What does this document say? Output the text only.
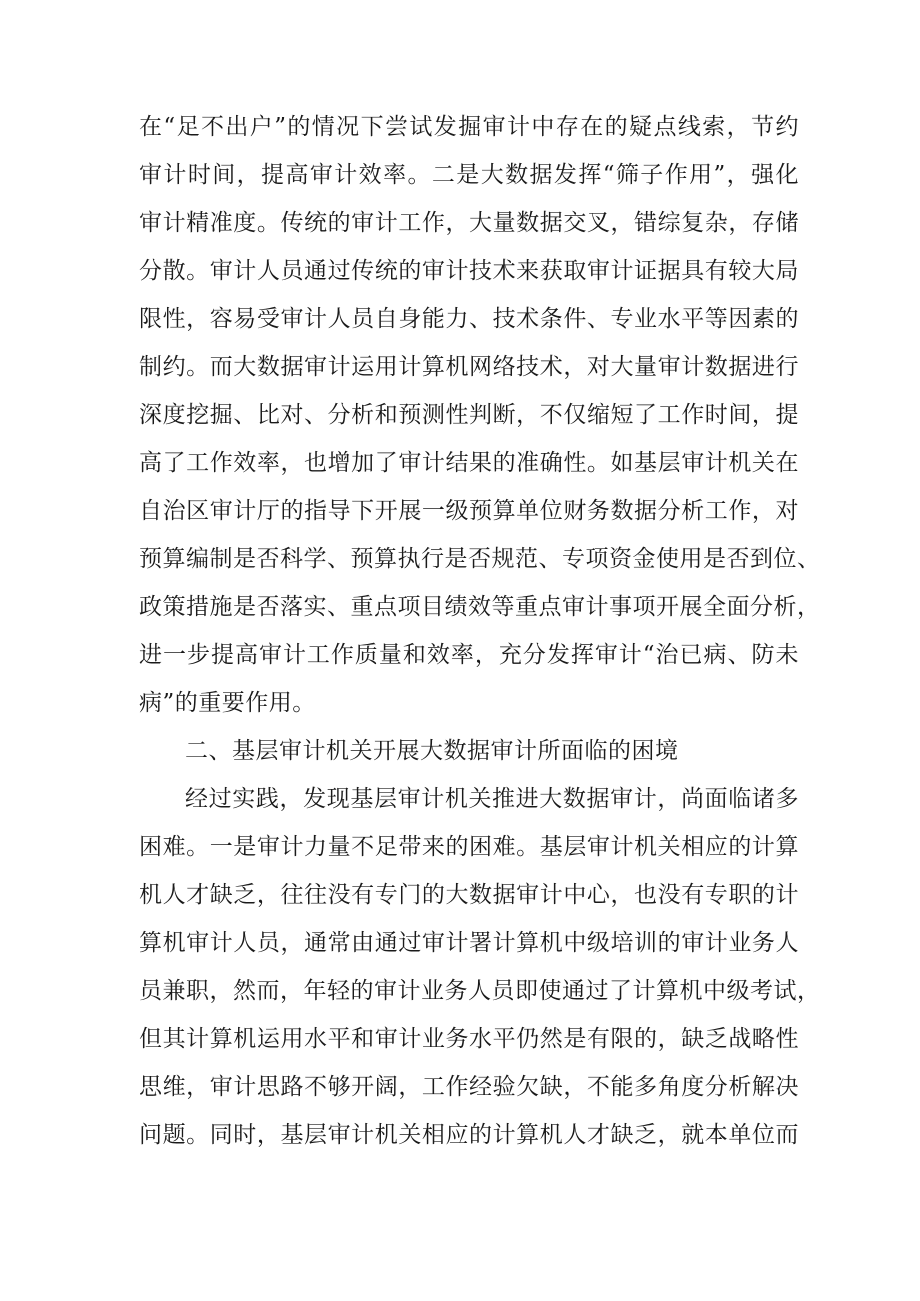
在“足不出户”的情况下尝试发掘审计中存在的疑点线索，节约
审计时间，提高审计效率。二是大数据发挥“筛子作用”，强化
审计精准度。传统的审计工作，大量数据交叉，错综复杂，存储
分散。审计人员通过传统的审计技术来获取审计证据具有较大局
限性，容易受审计人员自身能力、技术条件、专业水平等因素的
制约。而大数据审计运用计算机网络技术，对大量审计数据进行
深度挖掘、比对、分析和预测性判断，不仅缩短了工作时间，提
高了工作效率，也增加了审计结果的准确性。如基层审计机关在
自治区审计厅的指导下开展一级预算单位财务数据分析工作，对
预算编制是否科学、预算执行是否规范、专项资金使用是否到位、
政策措施是否落实、重点项目绩效等重点审计事项开展全面分析，
进一步提高审计工作质量和效率，充分发挥审计“治已病、防未
病”的重要作用。
二、基层审计机关开展大数据审计所面临的困境
经过实践，发现基层审计机关推进大数据审计，尚面临诸多
困难。一是审计力量不足带来的困难。基层审计机关相应的计算
机人才缺乏，往往没有专门的大数据审计中心，也没有专职的计
算机审计人员，通常由通过审计署计算机中级培训的审计业务人
员兼职，然而，年轻的审计业务人员即使通过了计算机中级考试，
但其计算机运用水平和审计业务水平仍然是有限的，缺乏战略性
思维，审计思路不够开阔，工作经验欠缺，不能多角度分析解决
问题。同时，基层审计机关相应的计算机人才缺乏，就本单位而
